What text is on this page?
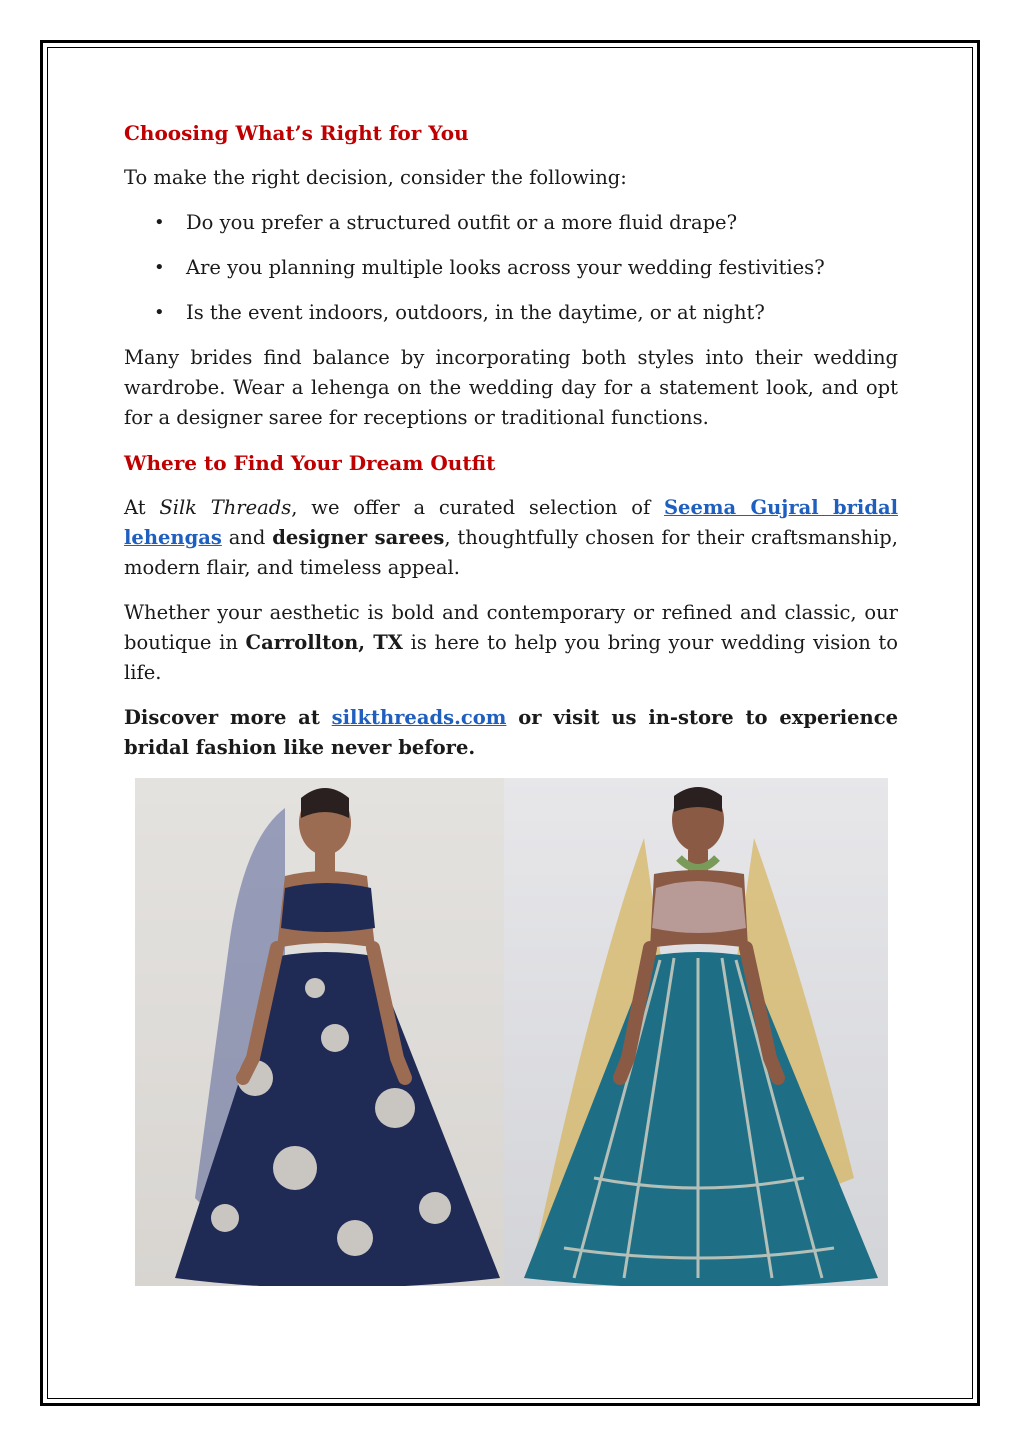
Choosing What’s Right for You

To make the right decision, consider the following:

• Do you prefer a structured outfit or a more fluid drape?
• Are you planning multiple looks across your wedding festivities?
• Is the event indoors, outdoors, in the daytime, or at night?

Many brides find balance by incorporating both styles into their wedding wardrobe. Wear a lehenga on the wedding day for a statement look, and opt for a designer saree for receptions or traditional functions.

Where to Find Your Dream Outfit

At Silk Threads, we offer a curated selection of Seema Gujral bridal lehengas and designer sarees, thoughtfully chosen for their craftsmanship, modern flair, and timeless appeal.

Whether your aesthetic is bold and contemporary or refined and classic, our boutique in Carrollton, TX is here to help you bring your wedding vision to life.

Discover more at silkthreads.com or visit us in-store to experience bridal fashion like never before.
